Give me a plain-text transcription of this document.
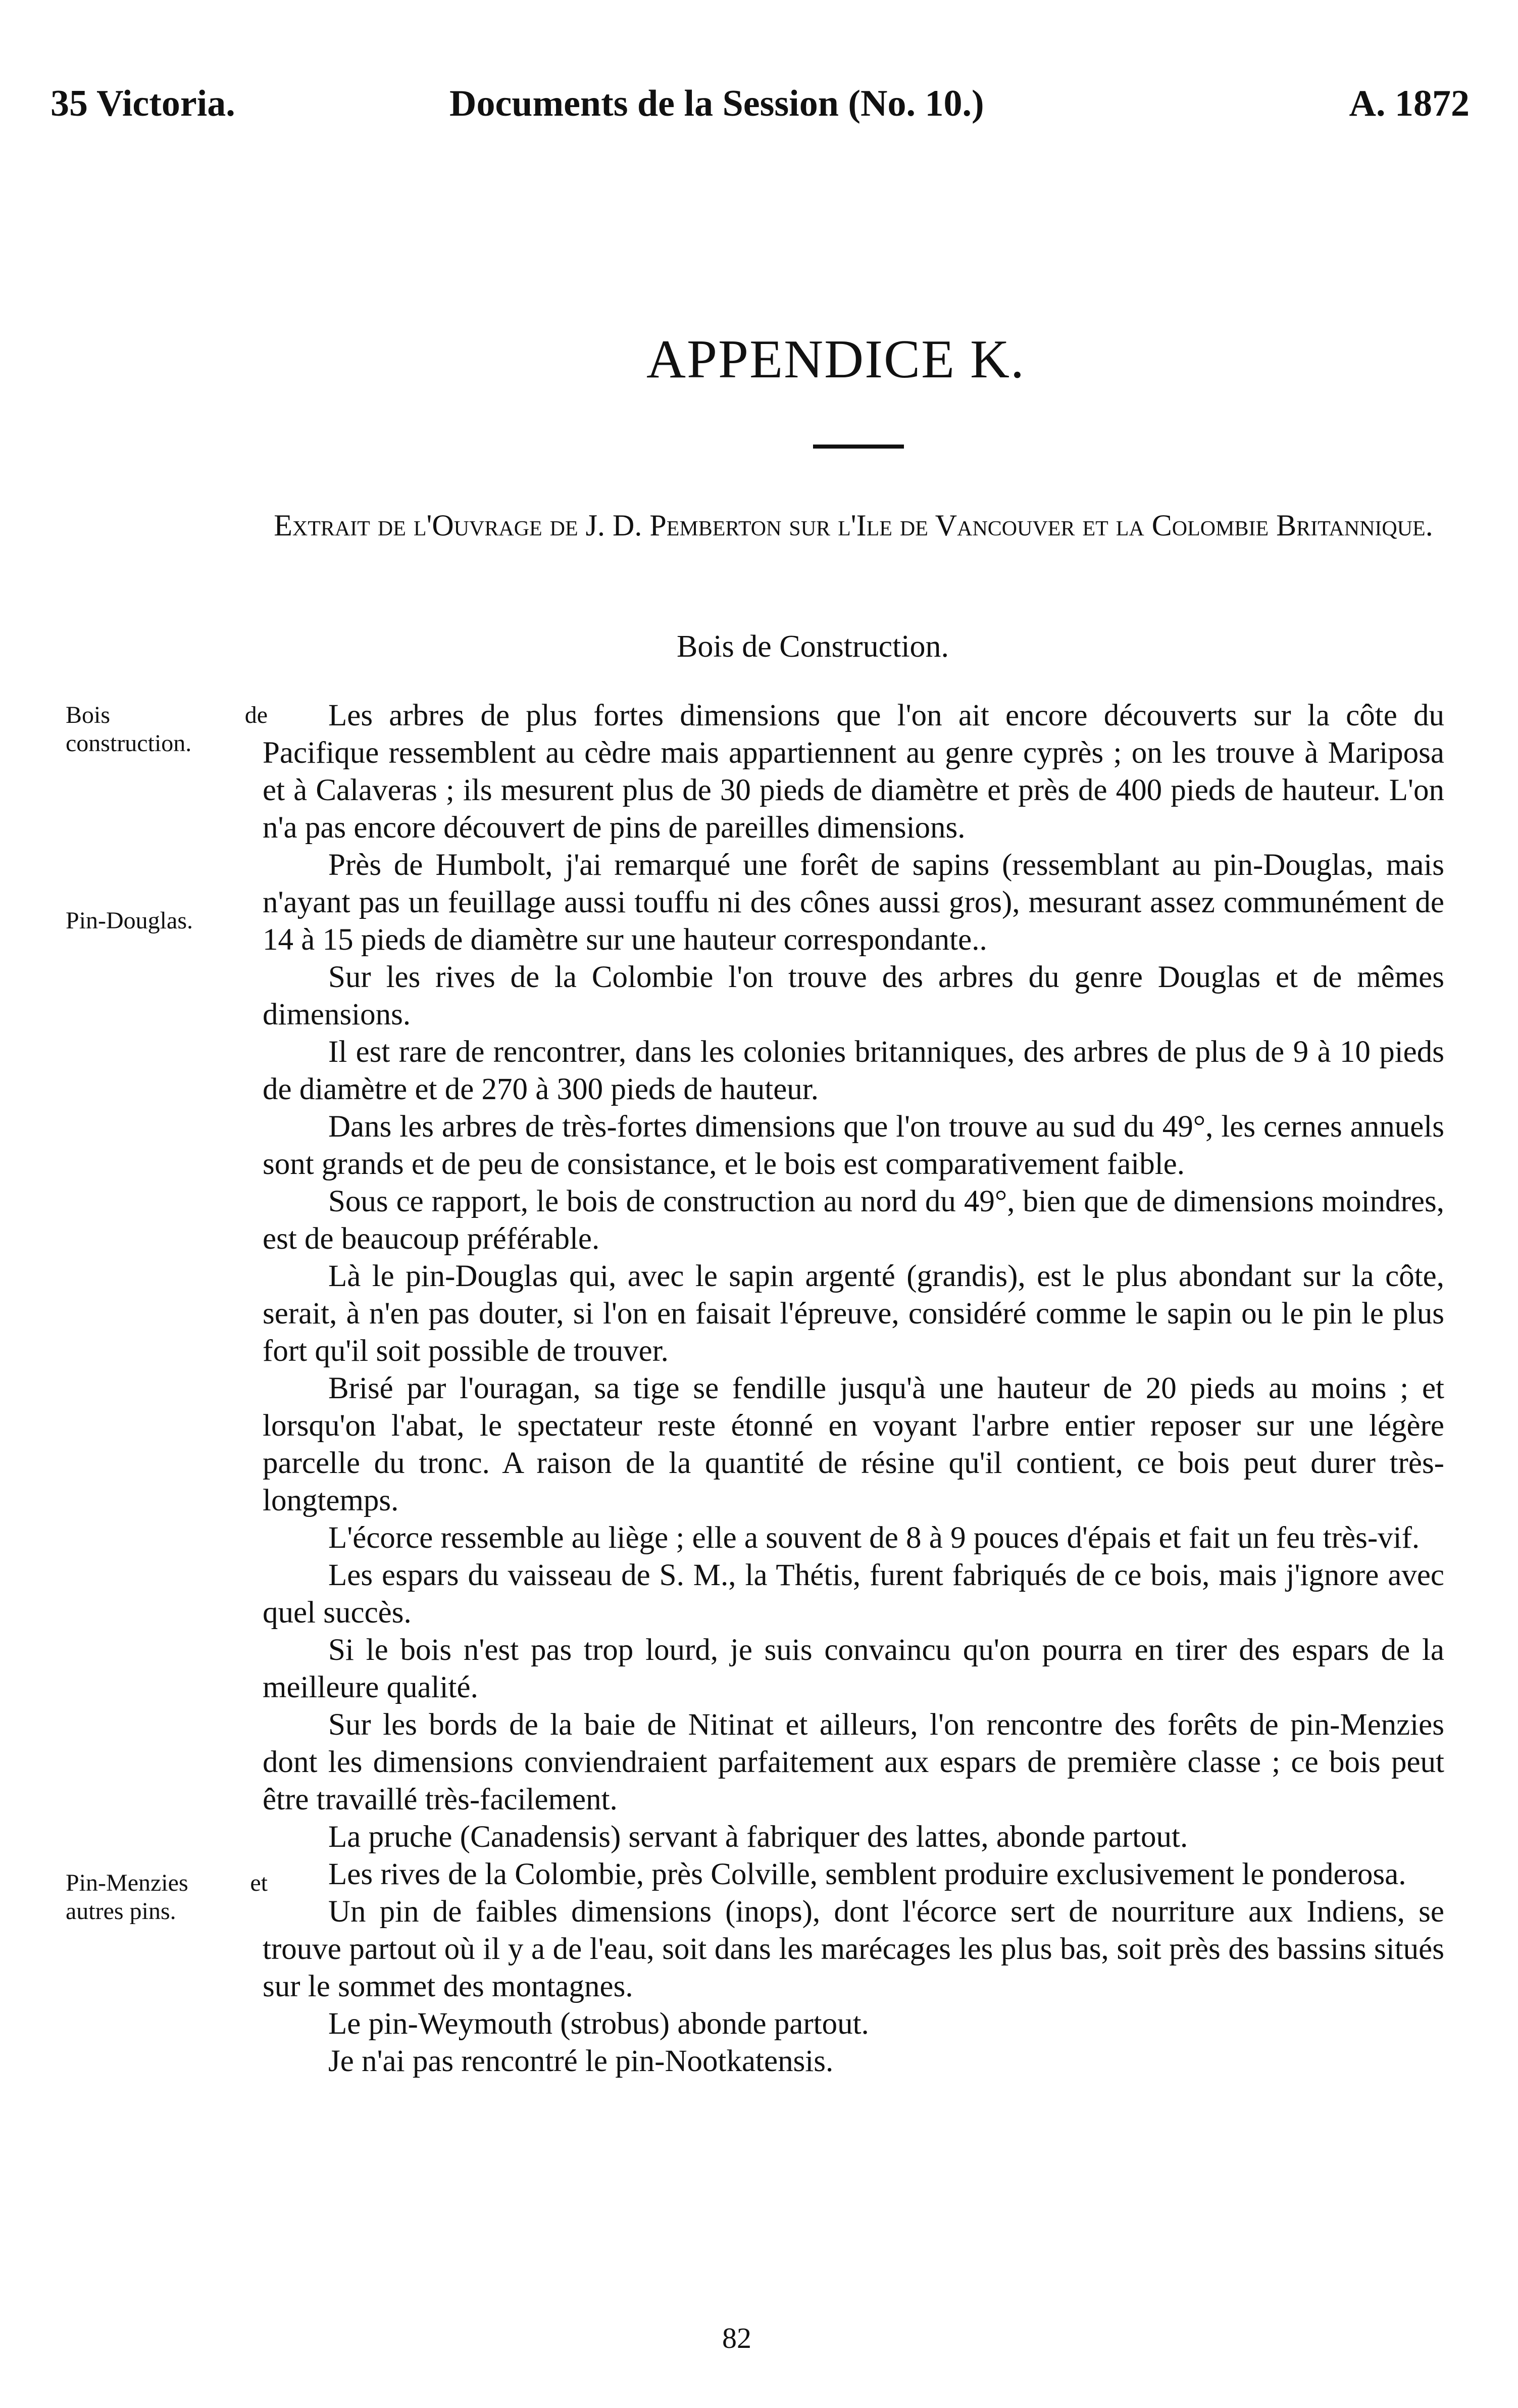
35 Victoria.	Documents de la Session (No. 10.)	A. 1872
APPENDICE K.
Extrait de l'Ouvrage de J. D. Pemberton sur l'Ile de Vancouver et la Colombie Britannique.
Bois de Construction.
Bois de construction.
Pin-Douglas.
Pin-Menzies et autres pins.

Les arbres de plus fortes dimensions que l'on ait encore découverts sur la côte du Pacifique ressemblent au cèdre mais appartiennent au genre cyprès ; on les trouve à Mariposa et à Calaveras ; ils mesurent plus de 30 pieds de diamètre et près de 400 pieds de hauteur. L'on n'a pas encore découvert de pins de pareilles dimensions.

Près de Humbolt, j'ai remarqué une forêt de sapins (ressemblant au pin-Douglas, mais n'ayant pas un feuillage aussi touffu ni des cônes aussi gros), mesurant assez communément de 14 à 15 pieds de diamètre sur une hauteur correspondante..

Sur les rives de la Colombie l'on trouve des arbres du genre Douglas et de mêmes dimensions.

Il est rare de rencontrer, dans les colonies britanniques, des arbres de plus de 9 à 10 pieds de diamètre et de 270 à 300 pieds de hauteur.

Dans les arbres de très-fortes dimensions que l'on trouve au sud du 49°, les cernes annuels sont grands et de peu de consistance, et le bois est comparativement faible.

Sous ce rapport, le bois de construction au nord du 49°, bien que de dimensions moindres, est de beaucoup préférable.

Là le pin-Douglas qui, avec le sapin argenté (grandis), est le plus abondant sur la côte, serait, à n'en pas douter, si l'on en faisait l'épreuve, considéré comme le sapin ou le pin le plus fort qu'il soit possible de trouver.

Brisé par l'ouragan, sa tige se fendille jusqu'à une hauteur de 20 pieds au moins ; et lorsqu'on l'abat, le spectateur reste étonné en voyant l'arbre entier reposer sur une légère parcelle du tronc. A raison de la quantité de résine qu'il contient, ce bois peut durer très-longtemps.

L'écorce ressemble au liège ; elle a souvent de 8 à 9 pouces d'épais et fait un feu très-vif.

Les espars du vaisseau de S. M., la Thétis, furent fabriqués de ce bois, mais j'ignore avec quel succès.

Si le bois n'est pas trop lourd, je suis convaincu qu'on pourra en tirer des espars de la meilleure qualité.

Sur les bords de la baie de Nitinat et ailleurs, l'on rencontre des forêts de pin-Menzies dont les dimensions conviendraient parfaitement aux espars de première classe ; ce bois peut être travaillé très-facilement.

La pruche (Canadensis) servant à fabriquer des lattes, abonde partout.

Les rives de la Colombie, près Colville, semblent produire exclusivement le ponderosa.

Un pin de faibles dimensions (inops), dont l'écorce sert de nourriture aux Indiens, se trouve partout où il y a de l'eau, soit dans les marécages les plus bas, soit près des bassins situés sur le sommet des montagnes.

Le pin-Weymouth (strobus) abonde partout.

Je n'ai pas rencontré le pin-Nootkatensis.

82
